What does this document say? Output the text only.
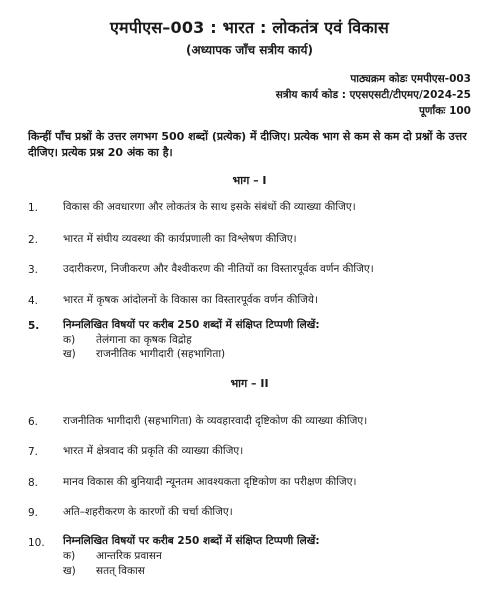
एमपीएस–003 : भारत : लोकतंत्र एवं विकास
(अध्यापक जाँच सत्रीय कार्य)
पाठ्यक्रम कोडः एमपीएस-003
सत्रीय कार्य कोड : एएसएसटी/टीएमए/2024-25
पूर्णांकः 100
किन्हीं पाँच प्रश्नों के उत्तर लगभग 500 शब्दों (प्रत्येक) में दीजिए। प्रत्येक भाग से कम से कम दो प्रश्नों के उत्तर दीजिए। प्रत्येक प्रश्न 20 अंक का है।
भाग – I
1. विकास की अवधारणा और लोकतंत्र के साथ इसके संबंधों की व्याख्या कीजिए।
2. भारत में संघीय व्यवस्था की कार्यप्रणाली का विश्लेषण कीजिए।
3. उदारीकरण, निजीकरण और वैश्वीकरण की नीतियों का विस्तारपूर्वक वर्णन कीजिए।
4. भारत में कृषक आंदोलनों के विकास का विस्तारपूर्वक वर्णन कीजिये।
5. निम्नलिखित विषयों पर करीब 250 शब्दों में संक्षिप्त टिप्पणी लिखें:
क) तेलंगाना का कृषक विद्रोह
ख) राजनीतिक भागीदारी (सहभागिता)
भाग – II
6. राजनीतिक भागीदारी (सहभागिता) के व्यवहारवादी दृष्टिकोण की व्याख्या कीजिए।
7. भारत में क्षेत्रवाद की प्रकृति की व्याख्या कीजिए।
8. मानव विकास की बुनियादी न्यूनतम आवश्यकता दृष्टिकोण का परीक्षण कीजिए।
9. अति–शहरीकरण के कारणों की चर्चा कीजिए।
10. निम्नलिखित विषयों पर करीब 250 शब्दों में संक्षिप्त टिप्पणी लिखें:
क) आन्तरिक प्रवासन
ख) सतत् विकास
